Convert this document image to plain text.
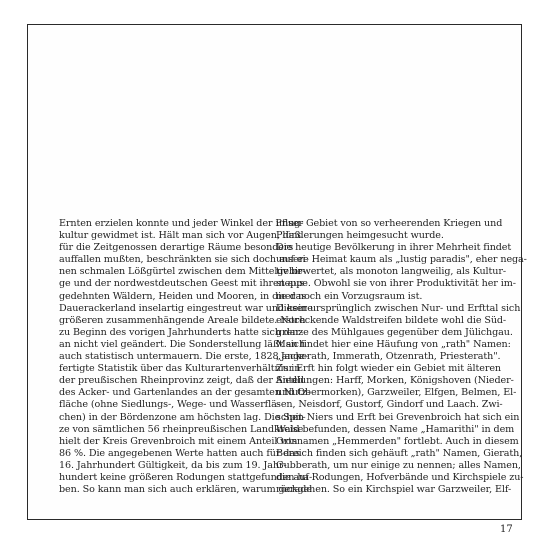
Ernten erzielen konnte und jeder Winkel der Pflug-
kultur gewidmet ist. Hält man sich vor Augen, daß
für die Zeitgenossen derartige Räume besonders
auffallen mußten, beschränkten sie sich doch auf ei-
nen schmalen Lößgürtel zwischen dem Mittelgebir-
ge und der nordwestdeutschen Geest mit ihren aus-
gedehnten Wäldern, Heiden und Mooren, in die das
Dauerackerland inselartig eingestreut war und keine
größeren zusammenhängende Areale bildete. Noch
zu Beginn des vorigen Jahrhunderts hatte sich dar-
an nicht viel geändert. Die Sonderstellung läßt sich
auch statistisch untermauern. Die erste, 1828 ange-
fertigte Statistik über das Kulturartenverhältnis in
der preußischen Rheinprovinz zeigt, daß der Anteil
des Acker- und Gartenlandes an der gesamten Nutz-
fläche (ohne Siedlungs-, Wege- und Wasserflä-
chen) in der Bördenzone am höchsten lag. Die Spit-
ze von sämtlichen 56 rheinpreußischen Landkreise
hielt der Kreis Grevenbroich mit einem Anteil von
86 %. Die angegebenen Werte hatten auch für das
16. Jahrhundert Gültigkeit, da bis zum 19. Jahr-
hundert keine größeren Rodungen stattgefunden ha-
ben. So kann man sich auch erklären, warum gerade
unser Gebiet von so verheerenden Kriegen und
Plünderungen heimgesucht wurde.
Die heutige Bevölkerung in ihrer Mehrheit findet
unsere Heimat kaum als „lustig paradis", eher nega-
tiv bewertet, als monoton langweilig, als Kultur-
steppe. Obwohl sie von ihrer Produktivität her im-
mer noch ein Vorzugsraum ist.
Dieser ursprünglich zwischen Nur- und Erfttal sich
erstreckende Waldstreifen bildete wohl die Süd-
grenze des Mühlgaues gegenüber dem Jülichgau.
Man findet hier eine Häufung von „rath" Namen:
„Jackerath, Immerath, Otzenrath, Priesterath".
Zur Erft hin folgt wieder ein Gebiet mit älteren
Siedlungen: Harff, Morken, Königshoven (Nieder-
und Obermorken), Garzweiler, Elfgen, Belmen, El-
sen, Neisdorf, Gustorf, Gindorf und Laach. Zwi-
schen Niers und Erft bei Grevenbroich hat sich ein
Wald befunden, dessen Name „Hamarithi" in dem
Ortsnamen „Hemmerden" fortlebt. Auch in diesem
Bereich finden sich gehäuft „rath" Namen, Gierath,
Gubberath, um nur einige zu nennen; alles Namen,
die auf Rodungen, Hofverbände und Kirchspiele zu-
rückgehen. So ein Kirchspiel war Garzweiler, Elf-
17
